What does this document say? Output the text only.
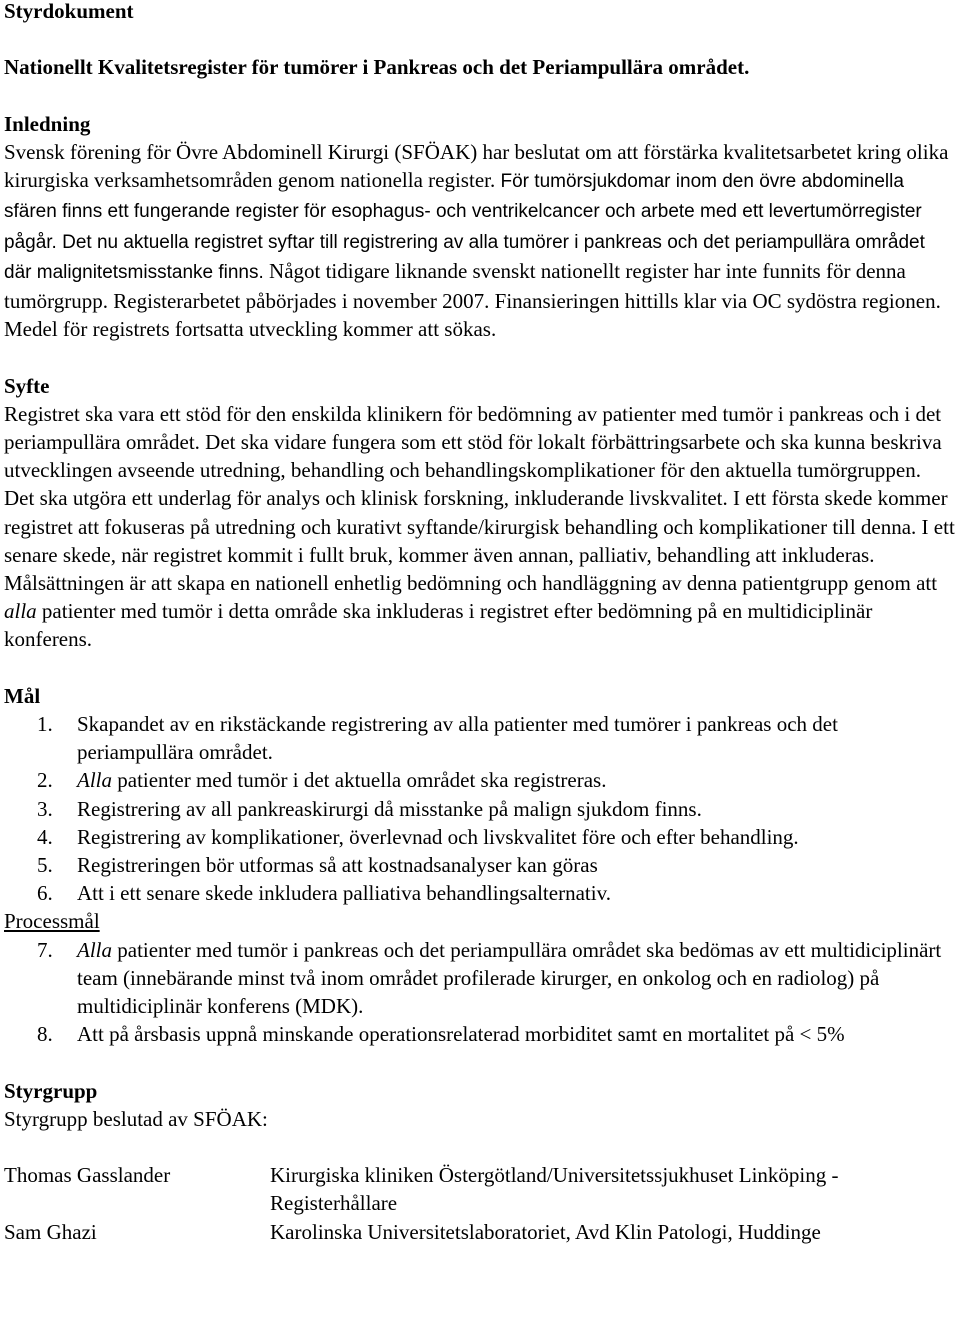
Styrdokument

Nationellt Kvalitetsregister för tumörer i Pankreas och det Periampullära området.

Inledning

Svensk förening för Övre Abdominell Kirurgi (SFÖAK) har beslutat om att förstärka kvalitetsarbetet kring olika kirurgiska verksamhetsområden genom nationella register. För tumörsjukdomar inom den övre abdominella sfären finns ett fungerande register för esophagus- och ventrikelcancer och arbete med ett levertumörregister pågår. Det nu aktuella registret syftar till registrering av alla tumörer i pankreas och det periampullära området där malignitetsmisstanke finns. Något tidigare liknande svenskt nationellt register har inte funnits för denna tumörgrupp. Registerarbetet påbörjades i november 2007. Finansieringen hittills klar via OC sydöstra regionen. Medel för registrets fortsatta utveckling kommer att sökas.

Syfte

Registret ska vara ett stöd för den enskilda klinikern för bedömning av patienter med tumör i pankreas och i det periampullära området. Det ska vidare fungera som ett stöd för lokalt förbättringsarbete och ska kunna beskriva utvecklingen avseende utredning, behandling och behandlingskomplikationer för den aktuella tumörgruppen. Det ska utgöra ett underlag för analys och klinisk forskning, inkluderande livskvalitet. I ett första skede kommer registret att fokuseras på utredning och kurativt syftande/kirurgisk behandling och komplikationer till denna. I ett senare skede, när registret kommit i fullt bruk, kommer även annan, palliativ, behandling att inkluderas. Målsättningen är att skapa en nationell enhetlig bedömning och handläggning av denna patientgrupp genom att alla patienter med tumör i detta område ska inkluderas i registret efter bedömning på en multidiciplinär konferens.

Mål

1. Skapandet av en rikstäckande registrering av alla patienter med tumörer i pankreas och det periampullära området.
2. Alla patienter med tumör i det aktuella området ska registreras.
3. Registrering av all pankreaskirurgi då misstanke på malign sjukdom finns.
4. Registrering av komplikationer, överlevnad och livskvalitet före och efter behandling.
5. Registreringen bör utformas så att kostnadsanalyser kan göras
6. Att i ett senare skede inkludera palliativa behandlingsalternativ.

Processmål

7. Alla patienter med tumör i pankreas och det periampullära området ska bedömas av ett multidiciplinärt team (innebärande minst två inom området profilerade kirurger, en onkolog och en radiolog) på multidiciplinär konferens (MDK).
8. Att på årsbasis uppnå minskande operationsrelaterad morbiditet samt en mortalitet på < 5%

Styrgrupp

Styrgrupp beslutad av SFÖAK:

Thomas Gasslander	Kirurgiska kliniken Östergötland/Universitetssjukhuset Linköping - Registerhållare
Sam Ghazi	Karolinska Universitetslaboratoriet, Avd Klin Patologi, Huddinge
